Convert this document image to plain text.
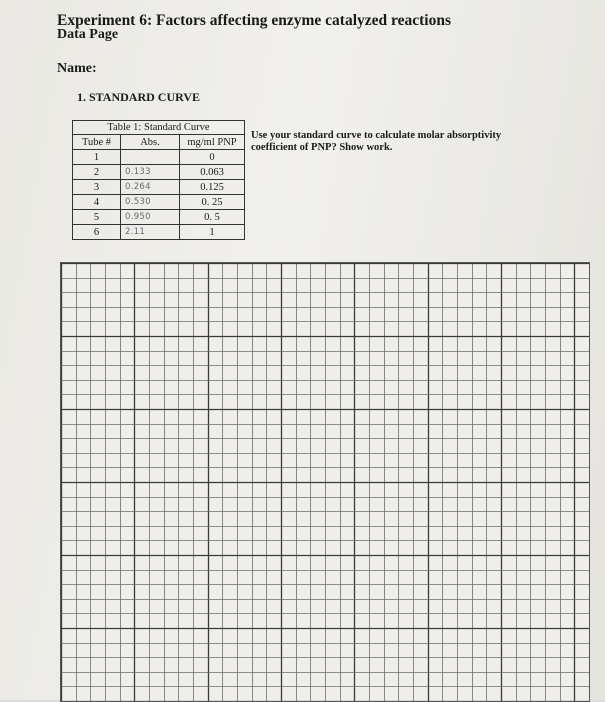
Experiment 6: Factors affecting enzyme catalyzed reactions
Data Page
Name:
1. STANDARD CURVE
Table 1: Standard Curve
Tube #	Abs.	mg/ml PNP
1		0
2	0.133	0.063
3	0.264	0.125
4	0.530	0. 25
5	0.950	0. 5
6	2.11	1
Use your standard curve to calculate molar absorptivity coefficient of PNP? Show work.
